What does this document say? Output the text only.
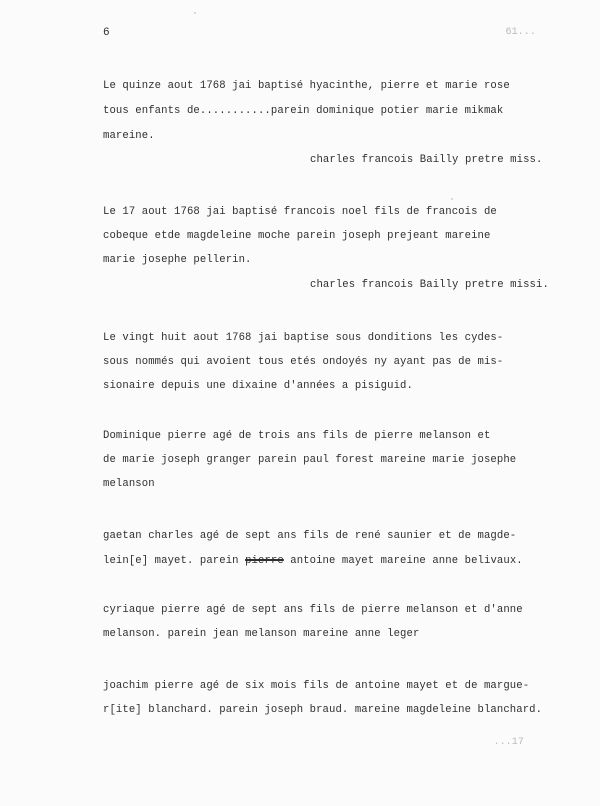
6	61...
Le quinze aout 1768 jai baptisé hyacinthe, pierre et marie rose
tous enfants de...........parein dominique potier marie mikmak
mareine.
charles francois Bailly pretre miss.
Le 17 aout 1768 jai baptisé francois noel fils de francois de
cobeque etde magdeleine moche parein joseph prejeant mareine
marie josephe pellerin.
charles francois Bailly pretre missi.
Le vingt huit aout 1768 jai baptise sous donditions les cydes-
sous nommés qui avoient tous etés ondoyés ny ayant pas de mis-
sionaire depuis une dixaine d'années a pisiguid.
Dominique pierre agé de trois ans fils de pierre melanson et
de marie joseph granger parein paul forest mareine marie josephe
melanson
gaetan charles agé de sept ans fils de rené saunier et de magde-
lein[e] mayet. parein pierre antoine mayet mareine anne belivaux.
cyriaque pierre agé de sept ans fils de pierre melanson et d'anne
melanson. parein jean melanson mareine anne leger
joachim pierre agé de six mois fils de antoine mayet et de margue-
r[ite] blanchard. parein joseph braud. mareine magdeleine blanchard.
...17
